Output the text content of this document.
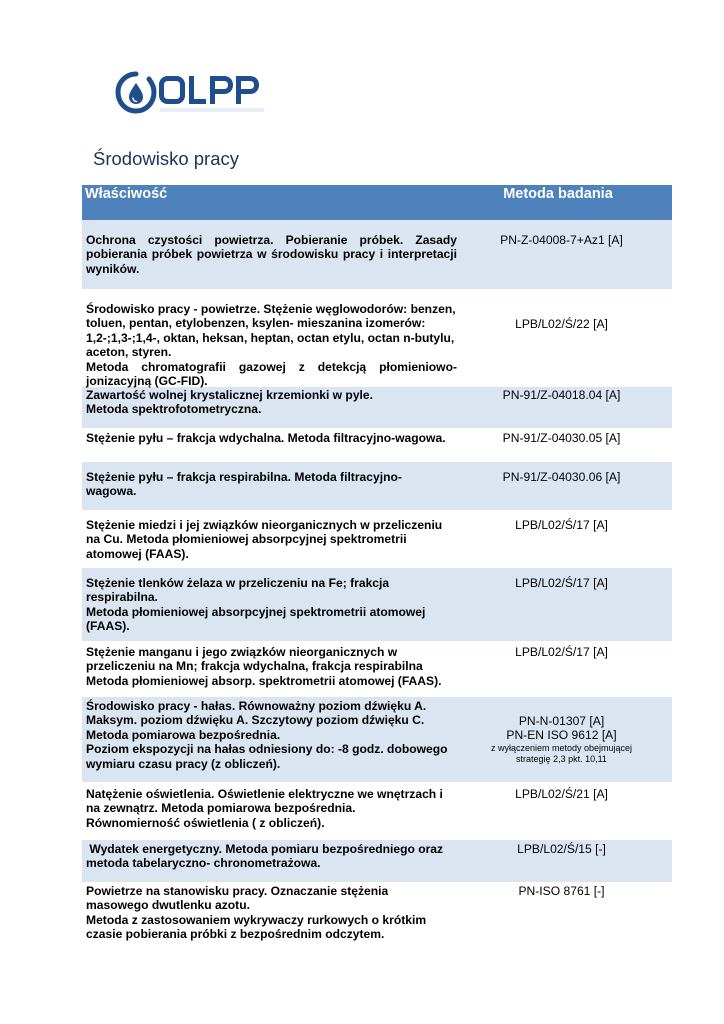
Środowisko pracy
Właściwość	Metoda badania

Ochrona czystości powietrza. Pobieranie próbek. Zasady pobierania próbek powietrza w środowisku pracy i interpretacji wyników.

PN-Z-04008-7+Az1 [A]

Środowisko pracy - powietrze. Stężenie węglowodorów: benzen, toluen, pentan, etylobenzen, ksylen- mieszanina izomerów: 1,2-;1,3-;1,4-, oktan, heksan, heptan, octan etylu, octan n-butylu, aceton, styren.

Metoda chromatografii gazowej z detekcją płomieniowo-jonizacyjną (GC-FID).

LPB/L02/Ś/22 [A]

Zawartość wolnej krystalicznej krzemionki w pyle.

Metoda spektrofotometryczna.

PN-91/Z-04018.04 [A]

Stężenie pyłu – frakcja wdychalna. Metoda filtracyjno-wagowa.	PN-91/Z-04030.05 [A]

Stężenie pyłu – frakcja respirabilna. Metoda filtracyjno-wagowa.

PN-91/Z-04030.06 [A]

Stężenie miedzi i jej związków nieorganicznych w przeliczeniu na Cu. Metoda płomieniowej absorpcyjnej spektrometrii atomowej (FAAS).

LPB/L02/Ś/17 [A]

Stężenie tlenków żelaza w przeliczeniu na Fe; frakcja respirabilna.

Metoda płomieniowej absorpcyjnej spektrometrii atomowej (FAAS).

LPB/L02/Ś/17 [A]

Stężenie manganu i jego związków nieorganicznych w przeliczeniu na Mn; frakcja wdychalna, frakcja respirabilna

Metoda płomieniowej absorp. spektrometrii atomowej (FAAS).

LPB/L02/Ś/17 [A]

Środowisko pracy - hałas. Równoważny poziom dźwięku A. Maksym. poziom dźwięku A. Szczytowy poziom dźwięku C.

Metoda pomiarowa bezpośrednia.

Poziom ekspozycji na hałas odniesiony do: -8 godz. dobowego wymiaru czasu pracy (z obliczeń).

PN-N-01307 [A]

PN-EN ISO 9612 [A]

z wyłączeniem metody obejmującej strategię 2,3 pkt. 10,11

Natężenie oświetlenia. Oświetlenie elektryczne we wnętrzach i na zewnątrz. Metoda pomiarowa bezpośrednia.

Równomierność oświetlenia ( z obliczeń).

LPB/L02/Ś/21 [A]

Wydatek energetyczny. Metoda pomiaru bezpośredniego oraz metoda tabelaryczno- chronometrażowa.

LPB/L02/Ś/15 [-]

Powietrze na stanowisku pracy. Oznaczanie stężenia masowego dwutlenku azotu.

Metoda z zastosowaniem wykrywaczy rurkowych o krótkim czasie pobierania próbki z bezpośrednim odczytem.

PN-ISO 8761 [-]
